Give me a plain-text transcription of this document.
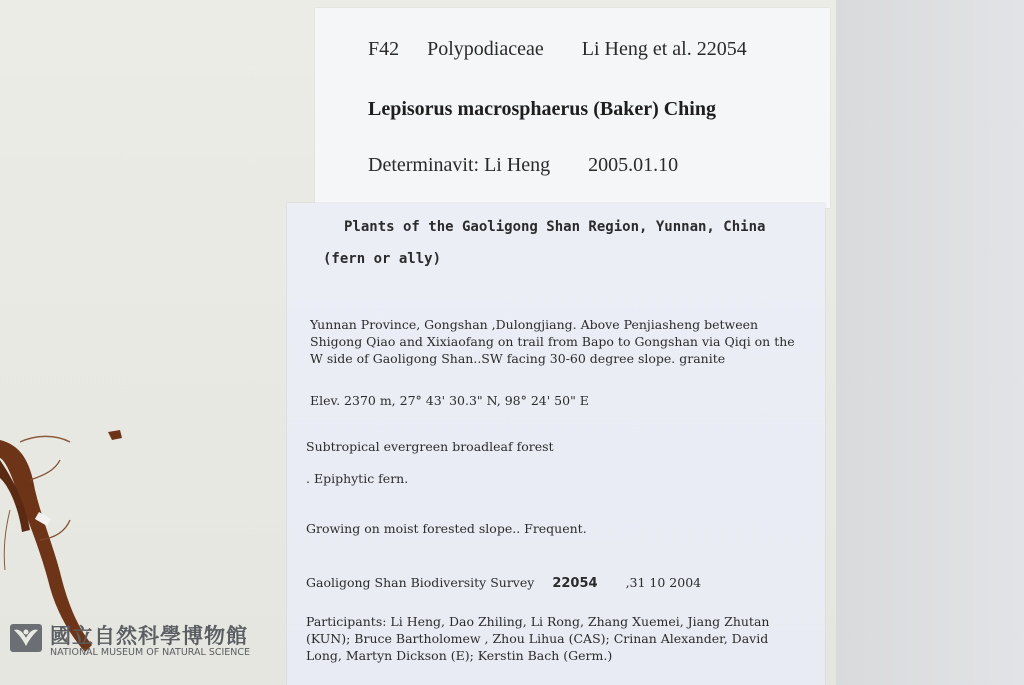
F42 Polypodiaceae Li Heng et al. 22054
Lepisorus macrosphaerus (Baker) Ching
Determinavit: Li Heng 2005.01.10
Plants of the Gaoligong Shan Region, Yunnan, China
(fern or ally)
Yunnan Province, Gongshan ,Dulongjiang. Above Penjiasheng between Shigong Qiao and Xixiaofang on trail from Bapo to Gongshan via Qiqi on the W side of Gaoligong Shan..SW facing 30-60 degree slope. granite
Elev. 2370 m, 27° 43' 30.3" N, 98° 24' 50" E
Subtropical evergreen broadleaf forest
. Epiphytic fern.
Growing on moist forested slope.. Frequent.
Gaoligong Shan Biodiversity Survey 22054 ,31 10 2004
Participants: Li Heng, Dao Zhiling, Li Rong, Zhang Xuemei, Jiang Zhutan (KUN); Bruce Bartholomew , Zhou Lihua (CAS); Crinan Alexander, David Long, Martyn Dickson (E); Kerstin Bach (Germ.)
國立自然科學博物館
NATIONAL MUSEUM OF NATURAL SCIENCE
